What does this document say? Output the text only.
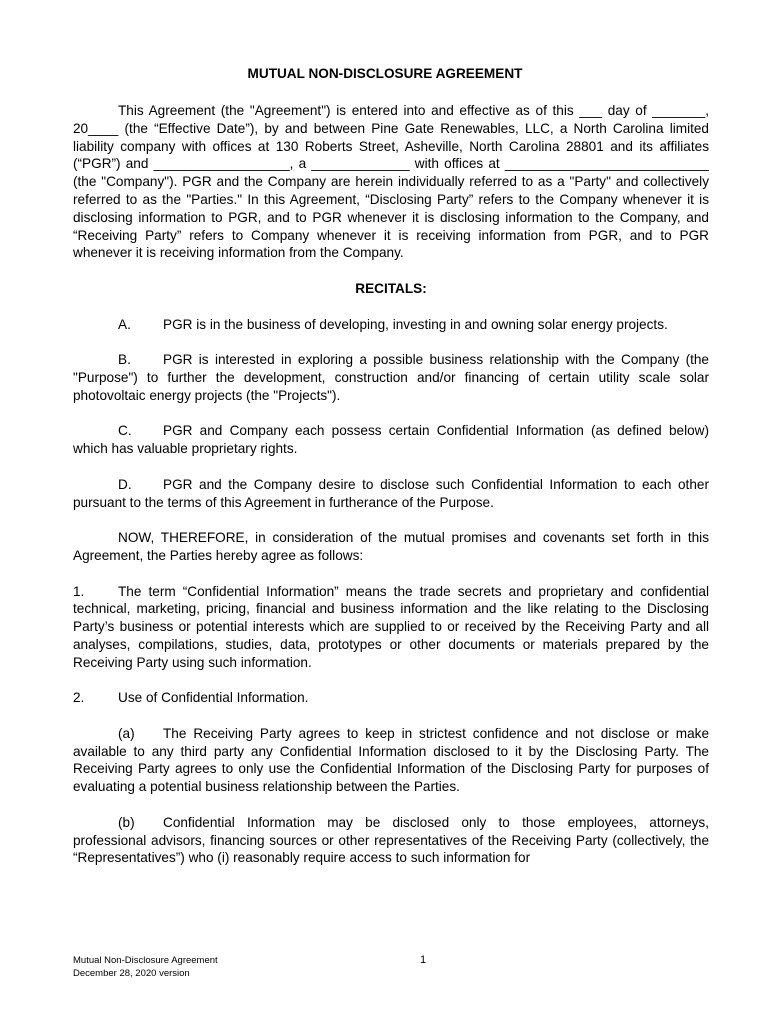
MUTUAL NON-DISCLOSURE AGREEMENT

This Agreement (the "Agreement") is entered into and effective as of this ___ day of _______, 20____ (the “Effective Date”), by and between Pine Gate Renewables, LLC, a North Carolina limited liability company with offices at 130 Roberts Street, Asheville, North Carolina 28801 and its affiliates (“PGR”) and __________________, a _____________ with offices at ___________________________ (the "Company"). PGR and the Company are herein individually referred to as a "Party" and collectively referred to as the "Parties." In this Agreement, “Disclosing Party” refers to the Company whenever it is disclosing information to PGR, and to PGR whenever it is disclosing information to the Company, and “Receiving Party” refers to Company whenever it is receiving information from PGR, and to PGR whenever it is receiving information from the Company.

RECITALS:

A. PGR is in the business of developing, investing in and owning solar energy projects.

B. PGR is interested in exploring a possible business relationship with the Company (the "Purpose") to further the development, construction and/or financing of certain utility scale solar photovoltaic energy projects (the "Projects").

C. PGR and Company each possess certain Confidential Information (as defined below) which has valuable proprietary rights.

D. PGR and the Company desire to disclose such Confidential Information to each other pursuant to the terms of this Agreement in furtherance of the Purpose.

NOW, THEREFORE, in consideration of the mutual promises and covenants set forth in this Agreement, the Parties hereby agree as follows:

1. The term “Confidential Information” means the trade secrets and proprietary and confidential technical, marketing, pricing, financial and business information and the like relating to the Disclosing Party’s business or potential interests which are supplied to or received by the Receiving Party and all analyses, compilations, studies, data, prototypes or other documents or materials prepared by the Receiving Party using such information.

2. Use of Confidential Information.

(a) The Receiving Party agrees to keep in strictest confidence and not disclose or make available to any third party any Confidential Information disclosed to it by the Disclosing Party. The Receiving Party agrees to only use the Confidential Information of the Disclosing Party for purposes of evaluating a potential business relationship between the Parties.

(b) Confidential Information may be disclosed only to those employees, attorneys, professional advisors, financing sources or other representatives of the Receiving Party (collectively, the “Representatives”) who (i) reasonably require access to such information for

Mutual Non-Disclosure Agreement
December 28, 2020 version
1
